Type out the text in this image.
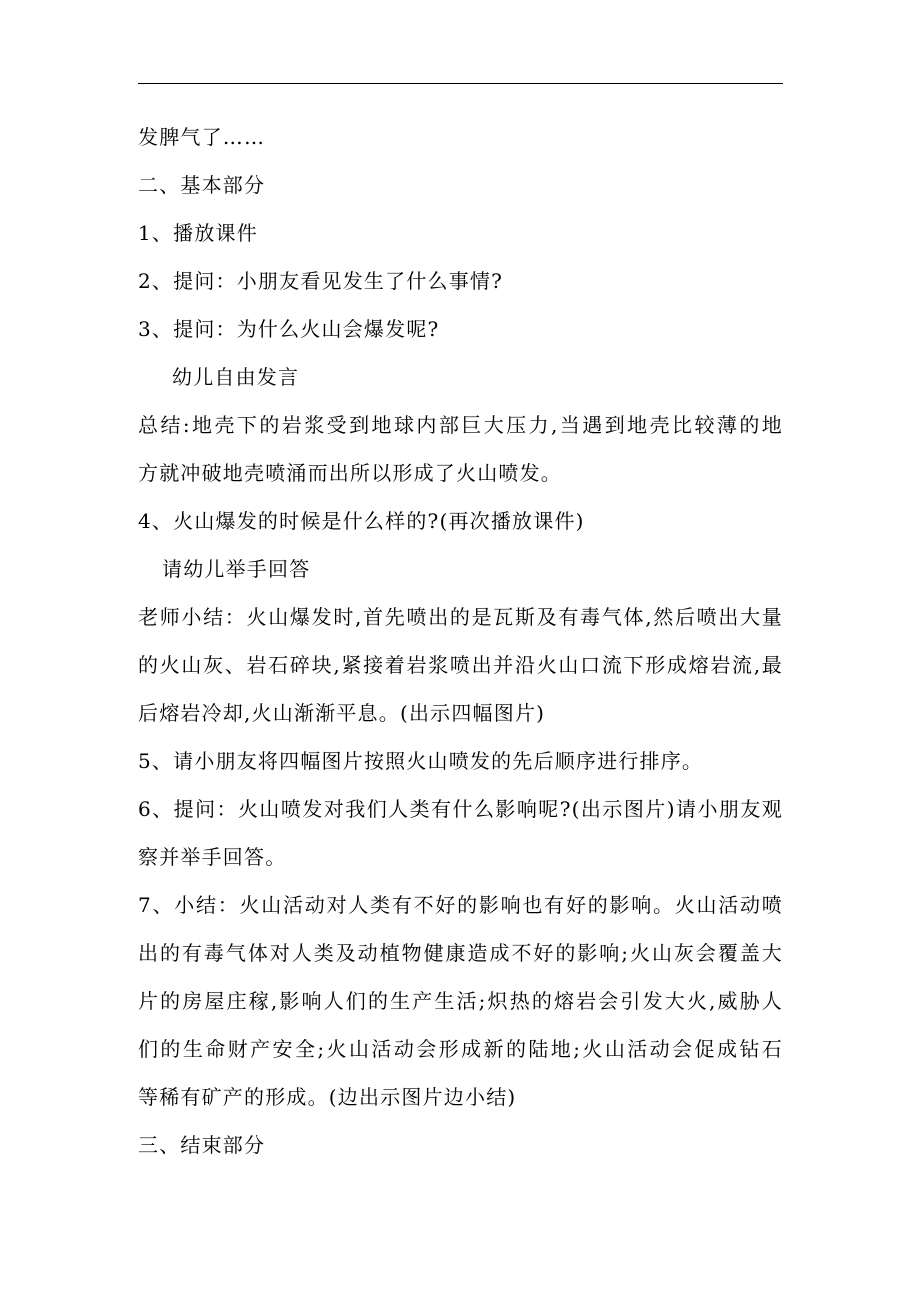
发脾气了……
二、基本部分
1、播放课件
2、提问：小朋友看见发生了什么事情?
3、提问：为什么火山会爆发呢?
幼儿自由发言
总结:地壳下的岩浆受到地球内部巨大压力,当遇到地壳比较薄的地
方就冲破地壳喷涌而出所以形成了火山喷发。
4、火山爆发的时候是什么样的?(再次播放课件)
请幼儿举手回答
老师小结：火山爆发时,首先喷出的是瓦斯及有毒气体,然后喷出大量
的火山灰、岩石碎块,紧接着岩浆喷出并沿火山口流下形成熔岩流,最
后熔岩冷却,火山渐渐平息。(出示四幅图片)
5、请小朋友将四幅图片按照火山喷发的先后顺序进行排序。
6、提问：火山喷发对我们人类有什么影响呢?(出示图片)请小朋友观
察并举手回答。
7、小结：火山活动对人类有不好的影响也有好的影响。火山活动喷
出的有毒气体对人类及动植物健康造成不好的影响;火山灰会覆盖大
片的房屋庄稼,影响人们的生产生活;炽热的熔岩会引发大火,威胁人
们的生命财产安全;火山活动会形成新的陆地;火山活动会促成钻石
等稀有矿产的形成。(边出示图片边小结)
三、结束部分
